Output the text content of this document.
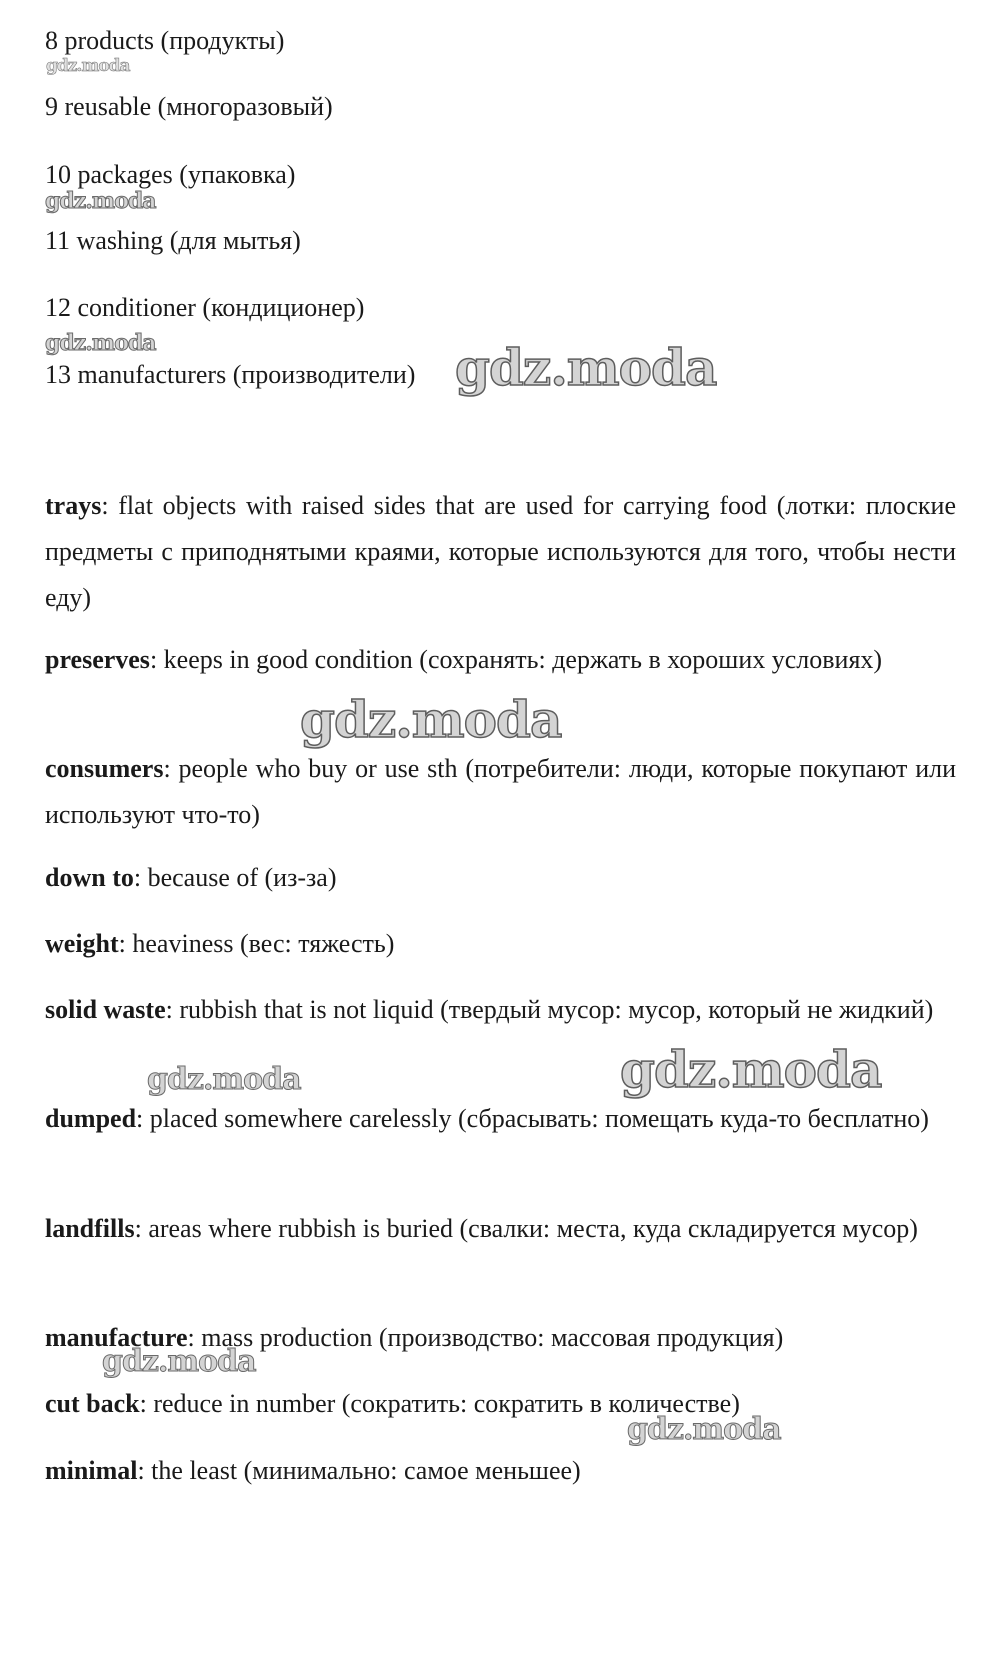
8 products (продукты)
9 reusable (многоразовый)
10 packages (упаковка)
11 washing (для мытья)
12 conditioner (кондиционер)
13 manufacturers (производители)
trays: flat objects with raised sides that are used for carrying food (лотки: плоские предметы с приподнятыми краями, которые используются для того, чтобы нести еду)
preserves: keeps in good condition (сохранять: держать в хороших условиях)
consumers: people who buy or use sth (потребители: люди, которые покупают или используют что-то)
down to: because of (из-за)
weight: heaviness (вес: тяжесть)
solid waste: rubbish that is not liquid (твердый мусор: мусор, который не жидкий)
dumped: placed somewhere carelessly (сбрасывать: помещать куда-то бесплатно)
landfills: areas where rubbish is buried (свалки: места, куда складируется мусор)
manufacture: mass production (производство: массовая продукция)
cut back: reduce in number (сократить: сократить в количестве)
minimal: the least (минимально: самое меньшее)
gdz.moda
gdz.moda
gdz.moda	gdz.moda
gdz.moda
gdz.moda	gdz.moda
gdz.moda
gdz.moda
